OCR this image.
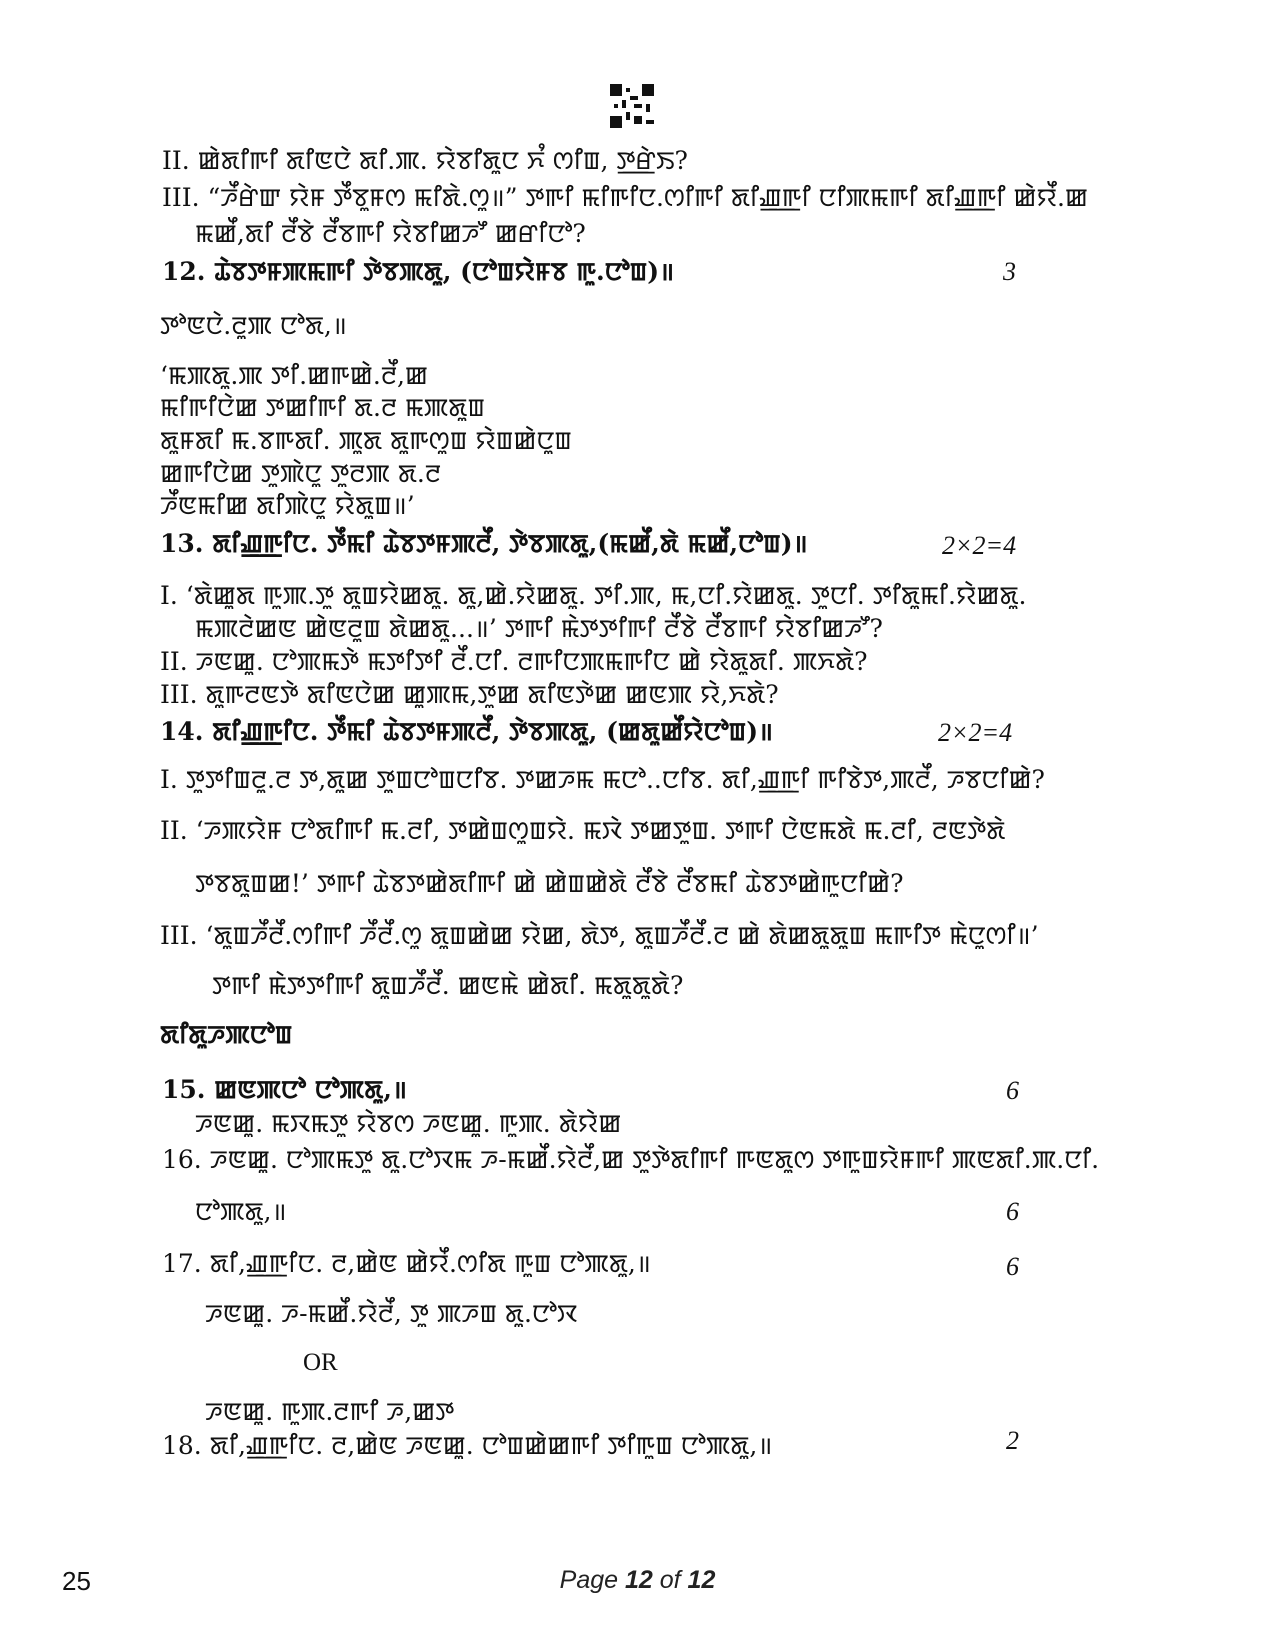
II. ꯀꯥꯗꯤꯒꯤ ꯗꯤꯟꯅꯥ ꯗꯤ.ꯄ. ꯌꯥꯕꯤꯗꯨꯅ ꯈꯪ ꯁꯤꯡ, ꯇ꯭ꯔꯥꯏ?
III. “ꯍꯩꯔꯥꯛ ꯌꯥꯝ ꯇꯩꯕꯨꯝꯁ ꯃꯤꯗꯥ.ꯁꯨ॥” ꯇꯒꯤ ꯃꯤꯒꯤꯅ.ꯁꯤꯒꯤ ꯗꯤꯉ꯭ꯒꯤ ꯅꯤꯄꯃꯒꯤ ꯗꯤꯉ꯭ꯒꯤ ꯀꯥꯌꯩ.ꯀ
ꯃꯀꯩ,ꯗꯤ ꯂꯩꯕꯥ ꯂꯩꯕꯒꯤ ꯌꯥꯕꯤꯀꯍꯧ ꯀꯔꯤꯅꯣ?
12. ꯊꯥꯕꯇꯝꯄꯃꯒꯤ ꯇꯥꯕꯄꯗꯨ, (ꯅꯣꯡꯌꯥꯝꯕ ꯒꯨ.ꯅꯣꯡ)॥	3
ꯇꯣꯟꯅꯥ.ꯂꯨꯄ ꯅꯣꯗ,॥
‘ꯃꯄꯗꯨ.ꯄ ꯇꯤ.ꯀꯒꯀꯥ.ꯂꯩ,ꯀ
ꯃꯤꯒꯤꯅꯥꯀ ꯇꯀꯤꯒꯤ ꯗ.ꯂ ꯃꯄꯗꯨꯡ
ꯗꯨꯝꯗꯤ ꯃ.ꯕꯒꯗꯤ. ꯄꯨꯗ ꯗꯨꯒꯁꯨꯡ ꯌꯥꯡꯀꯥꯅꯨꯡ
ꯀꯒꯤꯅꯥꯀ ꯇꯨꯄꯥꯅꯨ ꯇꯨꯂꯄ ꯗ.ꯂ
ꯍꯩꯟꯃꯤꯀ ꯗꯤꯄꯥꯅꯨ ꯌꯥꯗꯨꯡ॥’
13. ꯗꯤꯉ꯭ꯒꯤꯅ. ꯇꯩꯃꯤ ꯊꯥꯕꯇꯝꯄꯂꯩ, ꯇꯥꯕꯄꯗꯨ,(ꯃꯀꯩ,ꯗꯥ ꯃꯀꯩ,ꯅꯣꯡ)॥	2×2=4
I. ‘ꯗꯥꯀꯨꯗ ꯒꯨꯄ.ꯇꯨ ꯗꯨꯡꯌꯥꯀꯗꯨ. ꯗꯨ,ꯀꯥ.ꯌꯥꯀꯗꯨ. ꯇꯤ.ꯄ, ꯃ,ꯅꯤ.ꯌꯥꯀꯗꯨ. ꯇꯨꯅꯤ. ꯇꯤꯗꯨꯃꯤ.ꯌꯥꯀꯗꯨ.
ꯃꯄꯂꯥꯀꯟ ꯀꯥꯟꯂꯨꯡ ꯗꯥꯀꯗꯨ...॥’ ꯇꯒꯤ ꯃꯥꯇꯇꯤꯒꯤ ꯂꯩꯕꯥ ꯂꯩꯕꯒꯤ ꯌꯥꯕꯤꯀꯍꯧ?
II. ꯍꯟꯀꯨ. ꯅꯣꯄꯃꯇꯥ ꯃꯇꯤꯇꯤ ꯂꯩ.ꯅꯤ. ꯂꯒꯤꯅꯄꯃꯒꯤꯅ ꯀꯥ ꯌꯥꯗꯨꯗꯤ. ꯄꯈꯗꯥ?
III. ꯗꯨꯒꯂꯟꯇꯥ ꯗꯤꯟꯅꯥꯀ ꯀꯨꯄꯃ,ꯇꯨꯀ ꯗꯤꯟꯇꯥꯀ ꯀꯟꯄ ꯌꯥ,ꯈꯗꯥ?
14. ꯗꯤꯉ꯭ꯒꯤꯅ. ꯇꯩꯃꯤ ꯊꯥꯕꯇꯝꯄꯂꯩ, ꯇꯥꯕꯄꯗꯨ, (ꯀꯗꯨꯀꯩꯌꯥꯅꯣꯡ)॥	2×2=4
I. ꯇꯨꯇꯤꯡꯂꯨ.ꯂ ꯇ,ꯗꯨꯀ ꯇꯨꯡꯅꯣꯡꯅꯤꯕ. ꯇꯀꯍꯃ ꯃꯅꯣ..ꯅꯤꯕ. ꯗꯤ,ꯉ꯭ꯒꯤ ꯒꯤꯕꯥꯇ,ꯄꯂꯩ, ꯍꯕꯅꯤꯀꯥ?
II. ‘ꯍꯄꯌꯥꯝ ꯅꯣꯗꯤꯒꯤ ꯃ.ꯂꯤ, ꯇꯀꯥꯡꯁꯨꯡꯌꯥ. ꯃꯋꯥ ꯇꯀꯇꯨꯡ. ꯇꯒꯤ ꯅꯥꯟꯃꯗꯥ ꯃ.ꯂꯤ, ꯂꯟꯇꯥꯗꯥ
ꯇꯕꯗꯨꯡꯀ!’ ꯇꯒꯤ ꯊꯥꯕꯇꯀꯥꯗꯤꯒꯤ ꯀꯥ ꯀꯥꯡꯀꯥꯗꯥ ꯂꯩꯕꯥ ꯂꯩꯕꯃꯤ ꯊꯥꯕꯇꯀꯥꯒꯨꯅꯤꯀꯥ?
III. ‘ꯗꯨꯡꯍꯩꯂꯩ.ꯁꯤꯒꯤ ꯍꯩꯂꯩ.ꯁꯨ ꯗꯨꯡꯀꯥꯀ ꯌꯥꯀ, ꯗꯥꯇ, ꯗꯨꯡꯍꯩꯂꯩ.ꯂ ꯀꯥ ꯗꯥꯀꯗꯨꯗꯨꯡ ꯃꯒꯤꯇ ꯃꯥꯅꯨꯁꯤ॥’
ꯇꯒꯤ ꯃꯥꯇꯇꯤꯒꯤ ꯗꯨꯡꯍꯩꯂꯩ. ꯀꯟꯃꯥ ꯀꯥꯗꯤ. ꯃꯗꯨꯗꯨꯗꯥ?
ꯗꯤꯗꯨꯍꯄꯅꯣꯡ
15. ꯀꯟꯄꯅꯣ ꯅꯣꯄꯗꯨ,॥	6
ꯍꯟꯀꯨ. ꯃꯋꯃꯇꯨ ꯌꯥꯕꯁ ꯍꯟꯀꯨ. ꯒꯨꯄ. ꯗꯥꯌꯥꯀ
16. ꯍꯟꯀꯨ. ꯅꯣꯄꯃꯇꯨ ꯗꯨ.ꯅꯣꯋꯃ ꯍ-ꯃꯀꯩ.ꯌꯥꯂꯩ,ꯀ ꯇꯨꯇꯥꯗꯤꯒꯤ ꯒꯟꯗꯨꯁ ꯇꯒꯨꯡꯌꯥꯝꯒꯤ ꯄꯟꯗꯤ.ꯄ.ꯅꯤ.
ꯅꯣꯄꯗꯨ,॥	6
17. ꯗꯤ,ꯉ꯭ꯒꯤꯅ. ꯂ,ꯀꯥꯟ ꯀꯥꯌꯩ.ꯁꯤꯗ ꯒꯨꯡ ꯅꯣꯄꯗꯨ,॥	6
ꯍꯟꯀꯨ. ꯍ-ꯃꯀꯩ.ꯌꯥꯂꯩ, ꯇꯨ ꯄꯍꯡ ꯗꯨ.ꯅꯣꯋ
OR
ꯍꯟꯀꯨ. ꯒꯨꯄ.ꯂꯒꯤ ꯍ,ꯀꯇ
18. ꯗꯤ,ꯉ꯭ꯒꯤꯅ. ꯂ,ꯀꯥꯟ ꯍꯟꯀꯨ. ꯅꯣꯡꯀꯥꯀꯒꯤ ꯇꯤꯒꯨꯡ ꯅꯣꯄꯗꯨ,॥	2
25	Page 12 of 12
